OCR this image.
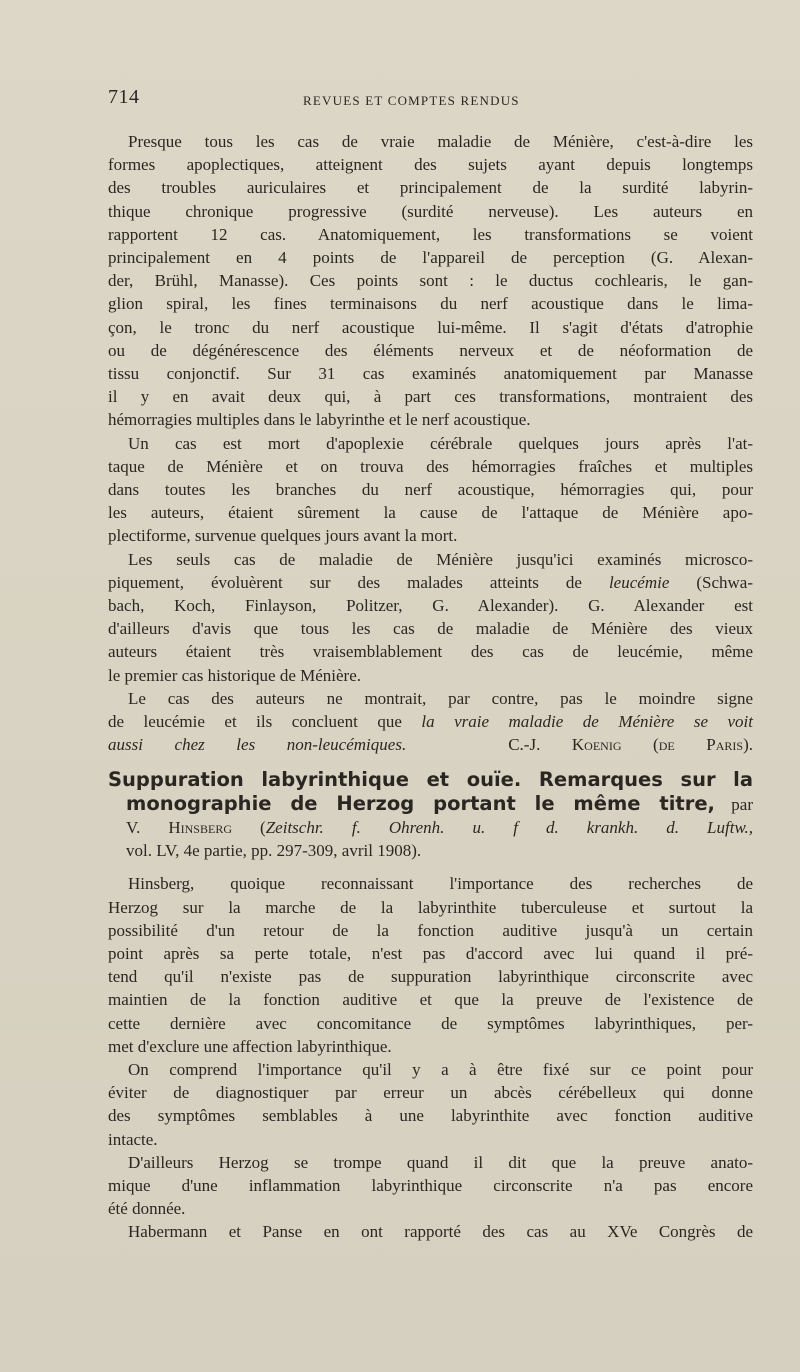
714	REVUES ET COMPTES RENDUS
Presque tous les cas de vraie maladie de Ménière, c'est-à-dire les
formes apoplectiques, atteignent des sujets ayant depuis longtemps
des troubles auriculaires et principalement de la surdité labyrin-
thique chronique progressive (surdité nerveuse). Les auteurs en
rapportent 12 cas. Anatomiquement, les transformations se voient
principalement en 4 points de l'appareil de perception (G. Alexan-
der, Brühl, Manasse). Ces points sont : le ductus cochlearis, le gan-
glion spiral, les fines terminaisons du nerf acoustique dans le lima-
çon, le tronc du nerf acoustique lui-même. Il s'agit d'états d'atrophie
ou de dégénérescence des éléments nerveux et de néoformation de
tissu conjonctif. Sur 31 cas examinés anatomiquement par Manasse
il y en avait deux qui, à part ces transformations, montraient des
hémorragies multiples dans le labyrinthe et le nerf acoustique.
Un cas est mort d'apoplexie cérébrale quelques jours après l'at-
taque de Ménière et on trouva des hémorragies fraîches et multiples
dans toutes les branches du nerf acoustique, hémorragies qui, pour
les auteurs, étaient sûrement la cause de l'attaque de Ménière apo-
plectiforme, survenue quelques jours avant la mort.
Les seuls cas de maladie de Ménière jusqu'ici examinés microsco-
piquement, évoluèrent sur des malades atteints de leucémie (Schwa-
bach, Koch, Finlayson, Politzer, G. Alexander). G. Alexander est
d'ailleurs d'avis que tous les cas de maladie de Ménière des vieux
auteurs étaient très vraisemblablement des cas de leucémie, même
le premier cas historique de Ménière.
Le cas des auteurs ne montrait, par contre, pas le moindre signe
de leucémie et ils concluent que la vraie maladie de Ménière se voit
aussi chez les non-leucémiques.      	C.-J. Koenig (de Paris).
Suppuration labyrinthique et ouïe. Remarques sur la
monographie de Herzog portant le même titre, par
V. Hinsberg (Zeitschr. f. Ohrenh. u. f d. krankh. d. Luftw.,
vol. LV, 4e partie, pp. 297-309, avril 1908).
Hinsberg, quoique reconnaissant l'importance des recherches de
Herzog sur la marche de la labyrinthite tuberculeuse et surtout la
possibilité d'un retour de la fonction auditive jusqu'à un certain
point après sa perte totale, n'est pas d'accord avec lui quand il pré-
tend qu'il n'existe pas de suppuration labyrinthique circonscrite avec
maintien de la fonction auditive et que la preuve de l'existence de
cette dernière avec concomitance de symptômes labyrinthiques, per-
met d'exclure une affection labyrinthique.
On comprend l'importance qu'il y a à être fixé sur ce point pour
éviter de diagnostiquer par erreur un abcès cérébelleux qui donne
des symptômes semblables à une labyrinthite avec fonction auditive
intacte.
D'ailleurs Herzog se trompe quand il dit que la preuve anato-
mique d'une inflammation labyrinthique circonscrite n'a pas encore
été donnée.
Habermann et Panse en ont rapporté des cas au XVe Congrès de
